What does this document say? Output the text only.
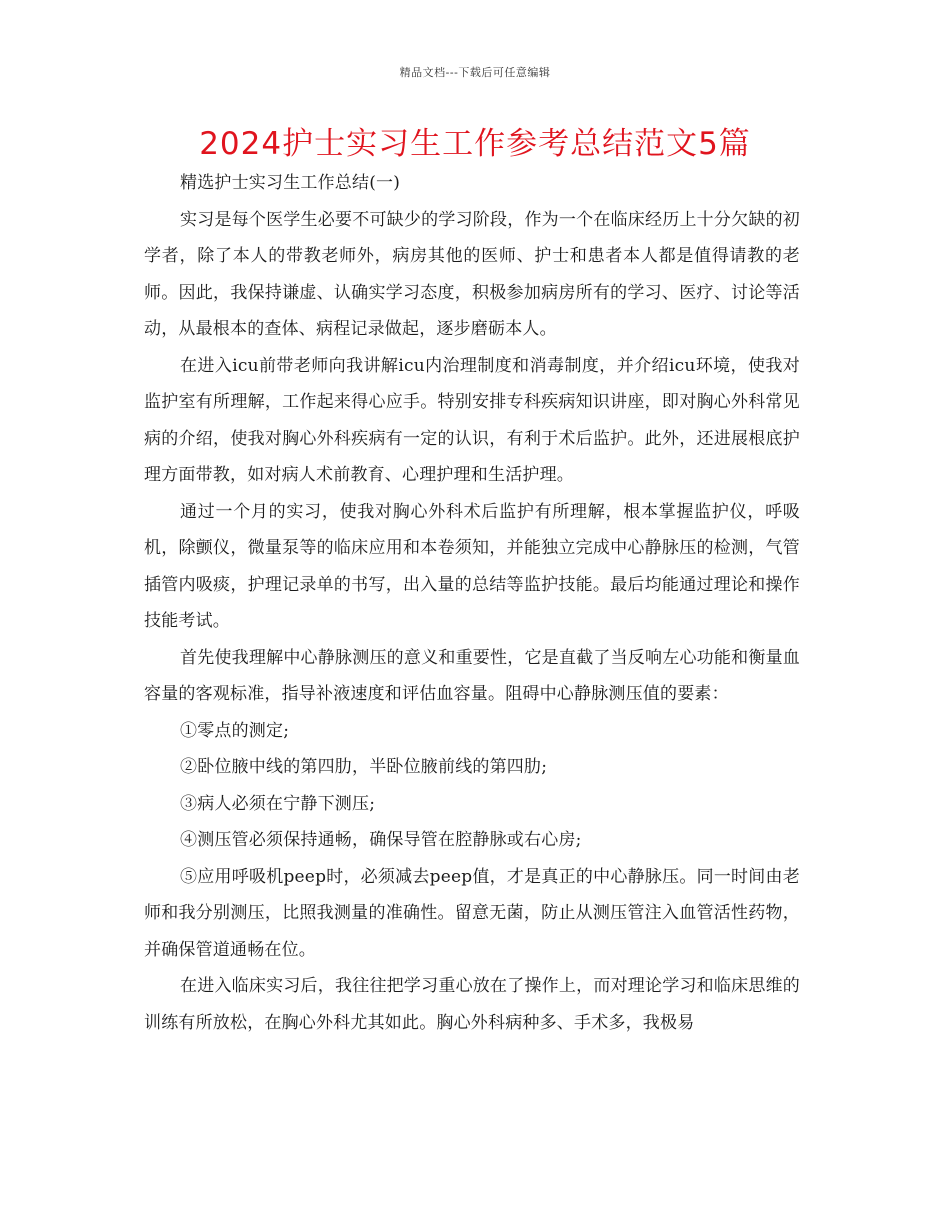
精品文档---下载后可任意编辑
2024护士实习生工作参考总结范文5篇

精选护士实习生工作总结(一)

实习是每个医学生必要不可缺少的学习阶段，作为一个在临床经历上十分欠缺的初学者，除了本人的带教老师外，病房其他的医师、护士和患者本人都是值得请教的老师。因此，我保持谦虚、认确实学习态度，积极参加病房所有的学习、医疗、讨论等活动，从最根本的查体、病程记录做起，逐步磨砺本人。

在进入icu前带老师向我讲解icu内治理制度和消毒制度，并介绍icu环境，使我对监护室有所理解，工作起来得心应手。特别安排专科疾病知识讲座，即对胸心外科常见病的介绍，使我对胸心外科疾病有一定的认识，有利于术后监护。此外，还进展根底护理方面带教，如对病人术前教育、心理护理和生活护理。

通过一个月的实习，使我对胸心外科术后监护有所理解，根本掌握监护仪，呼吸机，除颤仪，微量泵等的临床应用和本卷须知，并能独立完成中心静脉压的检测，气管插管内吸痰，护理记录单的书写，出入量的总结等监护技能。最后均能通过理论和操作技能考试。

首先使我理解中心静脉测压的意义和重要性，它是直截了当反响左心功能和衡量血容量的客观标准，指导补液速度和评估血容量。阻碍中心静脉测压值的要素：

①零点的测定;

②卧位腋中线的第四肋，半卧位腋前线的第四肋;

③病人必须在宁静下测压;

④测压管必须保持通畅，确保导管在腔静脉或右心房;

⑤应用呼吸机peep时，必须减去peep值，才是真正的中心静脉压。同一时间由老师和我分别测压，比照我测量的准确性。留意无菌，防止从测压管注入血管活性药物，并确保管道通畅在位。

在进入临床实习后，我往往把学习重心放在了操作上，而对理论学习和临床思维的训练有所放松，在胸心外科尤其如此。胸心外科病种多、手术多，我极易
